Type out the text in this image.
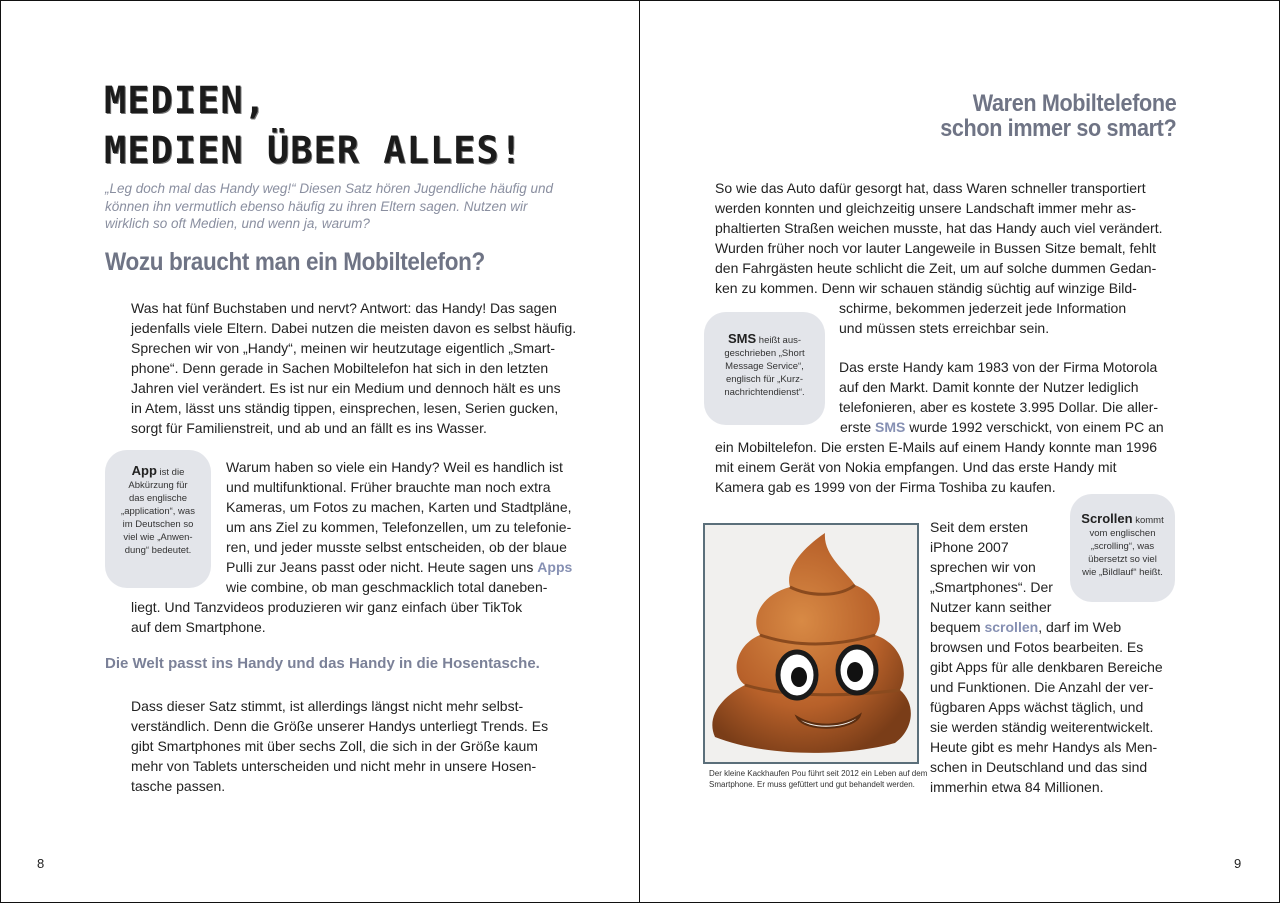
MEDIEN,
MEDIEN ÜBER ALLES!
„Leg doch mal das Handy weg!“ Diesen Satz hören Jugendliche häufig und
können ihn vermutlich ebenso häufig zu ihren Eltern sagen. Nutzen wir
wirklich so oft Medien, und wenn ja, warum?
Wozu braucht man ein Mobiltelefon?
Was hat fünf Buchstaben und nervt? Antwort: das Handy! Das sagen
jedenfalls viele Eltern. Dabei nutzen die meisten davon es selbst häufig.
Sprechen wir von „Handy“, meinen wir heutzutage eigentlich „Smart-
phone“. Denn gerade in Sachen Mobiltelefon hat sich in den letzten
Jahren viel verändert. Es ist nur ein Medium und dennoch hält es uns
in Atem, lässt uns ständig tippen, einsprechen, lesen, Serien gucken,
sorgt für Familienstreit, und ab und an fällt es ins Wasser.
App ist die
Abkürzung für
das englische
„application“, was
im Deutschen so
viel wie „Anwen-
dung“ bedeutet.
Warum haben so viele ein Handy? Weil es handlich ist
und multifunktional. Früher brauchte man noch extra
Kameras, um Fotos zu machen, Karten und Stadtpläne,
um ans Ziel zu kommen, Telefonzellen, um zu telefonie-
ren, und jeder musste selbst entscheiden, ob der blaue
Pulli zur Jeans passt oder nicht. Heute sagen uns Apps
wie combine, ob man geschmacklich total daneben-
liegt. Und Tanzvideos produzieren wir ganz einfach über TikTok
auf dem Smartphone.
Die Welt passt ins Handy und das Handy in die Hosentasche.
Dass dieser Satz stimmt, ist allerdings längst nicht mehr selbst-
verständlich. Denn die Größe unserer Handys unterliegt Trends. Es
gibt Smartphones mit über sechs Zoll, die sich in der Größe kaum
mehr von Tablets unterscheiden und nicht mehr in unsere Hosen-
tasche passen.
8
Waren Mobiltelefone
schon immer so smart?
So wie das Auto dafür gesorgt hat, dass Waren schneller transportiert
werden konnten und gleichzeitig unsere Landschaft immer mehr as-
phaltierten Straßen weichen musste, hat das Handy auch viel verändert.
Wurden früher noch vor lauter Langeweile in Bussen Sitze bemalt, fehlt
den Fahrgästen heute schlicht die Zeit, um auf solche dummen Gedan-
ken zu kommen. Denn wir schauen ständig süchtig auf winzige Bild-
schirme, bekommen jederzeit jede Information
und müssen stets erreichbar sein.
SMS heißt aus-
geschrieben „Short
Message Service“,
englisch für „Kurz-
nachrichtendienst“.
Das erste Handy kam 1983 von der Firma Motorola
auf den Markt. Damit konnte der Nutzer lediglich
telefonieren, aber es kostete 3.995 Dollar. Die aller-
erste SMS wurde 1992 verschickt, von einem PC an
ein Mobiltelefon. Die ersten E-Mails auf einem Handy konnte man 1996
mit einem Gerät von Nokia empfangen. Und das erste Handy mit
Kamera gab es 1999 von der Firma Toshiba zu kaufen.
Der kleine Kackhaufen Pou führt seit 2012 ein Leben auf dem
Smartphone. Er muss gefüttert und gut behandelt werden.
Seit dem ersten
iPhone 2007
sprechen wir von
„Smartphones“. Der
Nutzer kann seither
bequem scrollen, darf im Web
browsen und Fotos bearbeiten. Es
gibt Apps für alle denkbaren Bereiche
und Funktionen. Die Anzahl der ver-
fügbaren Apps wächst täglich, und
sie werden ständig weiterentwickelt.
Heute gibt es mehr Handys als Men-
schen in Deutschland und das sind
immerhin etwa 84 Millionen.
Scrollen kommt
vom englischen
„scrolling“, was
übersetzt so viel
wie „Bildlauf“ heißt.
9
